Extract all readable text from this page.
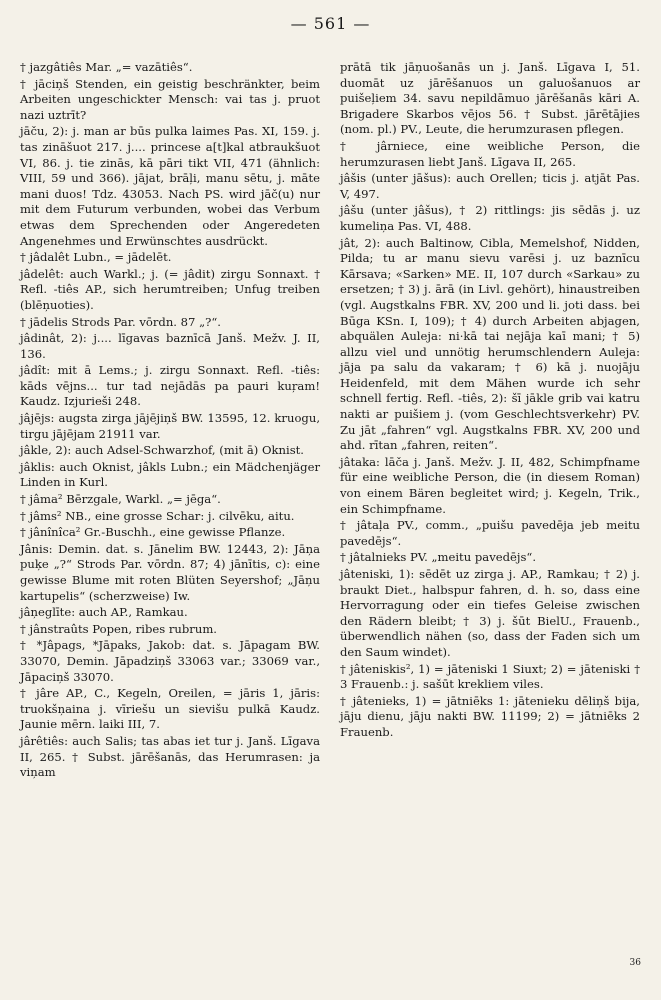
— 561 —

† jazgâtiês Mar. „= vazātiês“.

† jāciņš Stenden, ein geistig beschränkter, beim Arbeiten ungeschickter Mensch: vai tas j. pruot nazi uztrīt?

jāču, 2): j. man ar būs pulka laimes Pas. XI, 159. j. tas zināšuot 217. j.... princese a[t]kal atbraukšuot VI, 86. j. tie zinās, kā pāri tikt VII, 471 (ähnlich: VIII, 59 und 366). jājat, brāļi, manu sētu, j. māte mani duos! Tdz. 43053. Nach PS. wird jāč(u) nur mit dem Futurum verbunden, wobei das Verbum etwas dem Sprechenden oder Angeredeten Angenehmes und Erwünschtes ausdrückt.

† jâdalêt Lubn., = jādelēt.

jâdelêt: auch Warkl.; j. (= jâdit) zirgu Sonnaxt. † Refl. -tiês AP., sich herumtreiben; Unfug treiben (blēņuoties).

† jādelis Strods Par. vōrdn. 87 „?“.

jâdinât, 2): j.... līgavas baznīcā Janš. Mežv. J. II, 136.

jâdît: mit ā Lems.; j. zirgu Sonnaxt. Refl. -tiês: kāds vējns... tur tad nejādās pa pauri kuŗam! Kaudz. Izjurieši 248.

jâjējs: augsta zirga jājējiņš BW. 13595, 12. kruogu, tirgu jājējam 21911 var.

jâkle, 2): auch Adsel-Schwarzhof, (mit ā) Oknist.

jâklis: auch Oknist, jâkls Lubn.; ein Mädchenjäger Linden in Kurl.

† jâma² Bērzgale, Warkl. „= jēga“.

† jâms² NB., eine grosse Schar: j. cilvēku, aitu.

† jânînîca² Gr.-Buschh., eine gewisse Pflanze.

Jânis: Demin. dat. s. Jānelim BW. 12443, 2): Jāņa puķe „?“ Strods Par. vōrdn. 87; 4) jānītis, c): eine gewisse Blume mit roten Blüten Seyershof; „Jāņu kartupelis“ (scherzweise) Iw.

jâņeglīte: auch AP., Ramkau.

† jânstraûts Popen, ribes rubrum.

† *Jâpags, *Jāpaks, Jakob: dat. s. Jāpagam BW. 33070, Demin. Jāpadziņš 33063 var.; 33069 var., Jāpaciņš 33070.

† jâre AP., C., Kegeln, Oreilen, = jāris 1, jāris: truokšņaina j. vīriešu un sievišu pulkā Kaudz. Jaunie mērn. laiki III, 7.

jârêtiês: auch Salis; tas abas iet tur j. Janš. Līgava II, 265. † Subst. jārēšanās, das Herumrasen: ja viņam

prātā tik jāņuošanās un j. Janš. Līgava I, 51. duomāt uz jārēšanuos un galuošanuos ar puišeļiem 34. savu nepildāmuo jārēšanās kāri A. Brigadere Skarbos vējos 56. † Subst. jārētājies (nom. pl.) PV., Leute, die herumzurasen pflegen.

† jârniece, eine weibliche Person, die herumzurasen liebt Janš. Līgava II, 265.

jâšis (unter jāšus): auch Orellen; ticis j. atjāt Pas. V, 497.

jâšu (unter jâšus), † 2) rittlings: jis sēdās j. uz kumeliņa Pas. VI, 488.

jât, 2): auch Baltinow, Cibla, Memelshof, Nidden, Pilda; tu ar manu sievu varēsi j. uz baznīcu Kārsava; «Sarken» ME. II, 107 durch «Sarkau» zu ersetzen; † 3) j. ārā (in Livl. gehört), hinaustreiben (vgl. Augstkalns FBR. XV, 200 und li. joti dass. bei Būga KSn. I, 109); † 4) durch Arbeiten abjagen, abquälen Auleja: ni·kā tai nejāja kaī mani; † 5) allzu viel und unnötig herumschlendern Auleja: jāja pa salu da vakaram; † 6) kā j. nuojāju Heidenfeld, mit dem Mähen wurde ich sehr schnell fertig. Refl. -tiês, 2): šī jākle grib vai katru nakti ar puišiem j. (vom Geschlechtsverkehr) PV. Zu jāt „fahren“ vgl. Augstkalns FBR. XV, 200 und ahd. rītan „fahren, reiten“.

jâtaka: lāča j. Janš. Mežv. J. II, 482, Schimpfname für eine weibliche Person, die (in diesem Roman) von einem Bären begleitet wird; j. Kegeln, Trik., ein Schimpfname.

† jâtaļa PV., comm., „puišu pavedēja jeb meitu pavedējs“.

† jâtalnieks PV. „meitu pavedējs“.

jâteniski, 1): sēdēt uz zirga j. AP., Ramkau; † 2) j. braukt Diet., halbspur fahren, d. h. so, dass eine Hervorragung oder ein tiefes Geleise zwischen den Rädern bleibt; † 3) j. šūt BielU., Frauenb., überwendlich nähen (so, dass der Faden sich um den Saum windet).

† jâteniskis², 1) = jāteniski 1 Siuxt; 2) = jāteniski † 3 Frauenb.: j. sašūt krekliem viles.

† jâtenieks, 1) = jātniēks 1: jātenieku dēliņš bija, jāju dienu, jāju nakti BW. 11199; 2) = jātniēks 2 Frauenb.

36
